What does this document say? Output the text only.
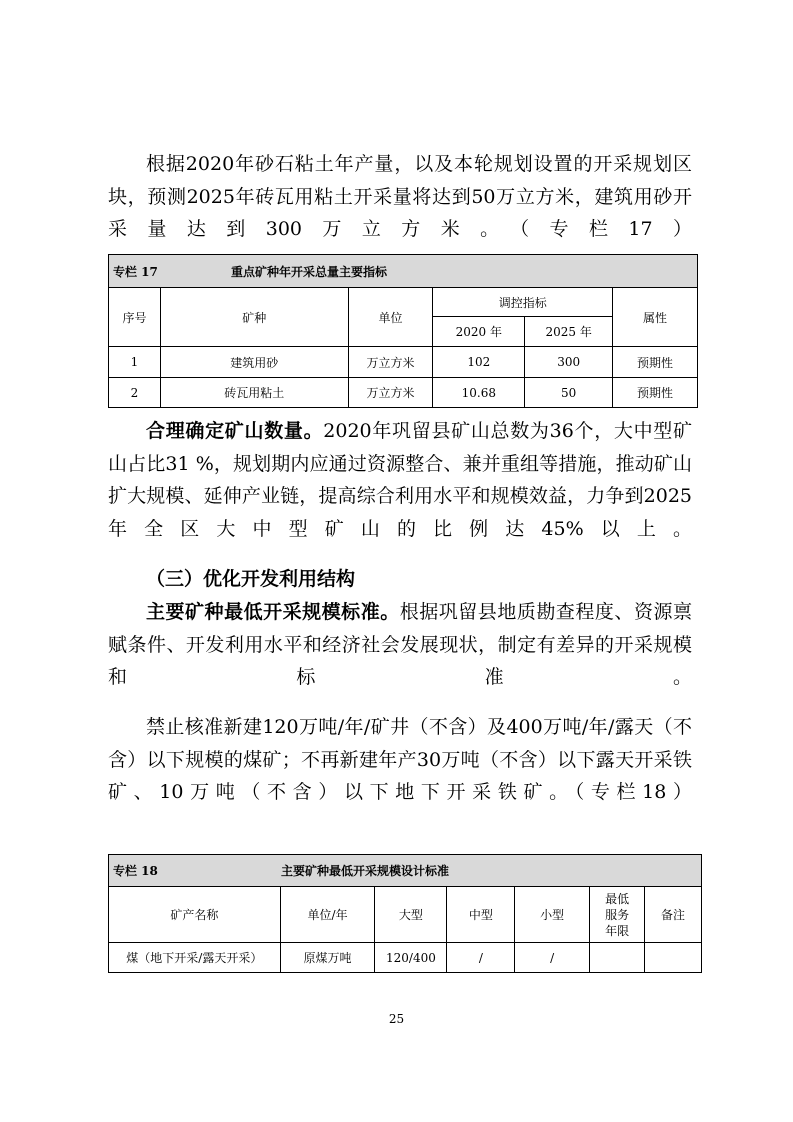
根据2020年砂石粘土年产量，以及本轮规划设置的开采规划区块，预测2025年砖瓦用粘土开采量将达到50万立方米，建筑用砂开采量达到300万立方米。（专栏17）

专栏 17 重点矿种年开采总量主要指标					
序号	矿种	单位	调控指标		属性
			2020 年	2025 年	
1	建筑用砂	万立方米	102	300	预期性
2	砖瓦用粘土	万立方米	10.68	50	预期性

合理确定矿山数量。2020年巩留县矿山总数为36个，大中型矿山占比31 %，规划期内应通过资源整合、兼并重组等措施，推动矿山扩大规模、延伸产业链，提高综合利用水平和规模效益，力争到2025年全区大中型矿山的比例达45%以上。

（三）优化开发利用结构

主要矿种最低开采规模标准。根据巩留县地质勘查程度、资源禀赋条件、开发利用水平和经济社会发展现状，制定有差异的开采规模和标准。

禁止核准新建120万吨/年/矿井（不含）及400万吨/年/露天（不含）以下规模的煤矿；不再新建年产30万吨（不含）以下露天开采铁矿、10万吨（不含）以下地下开采铁矿。（专栏18）

专栏 18 主要矿种最低开采规模设计标准						
矿产名称	单位/年	大型	中型	小型	最低服务年限	备注
煤（地下开采/露天开采）	原煤万吨	120/400	/	/		
25
